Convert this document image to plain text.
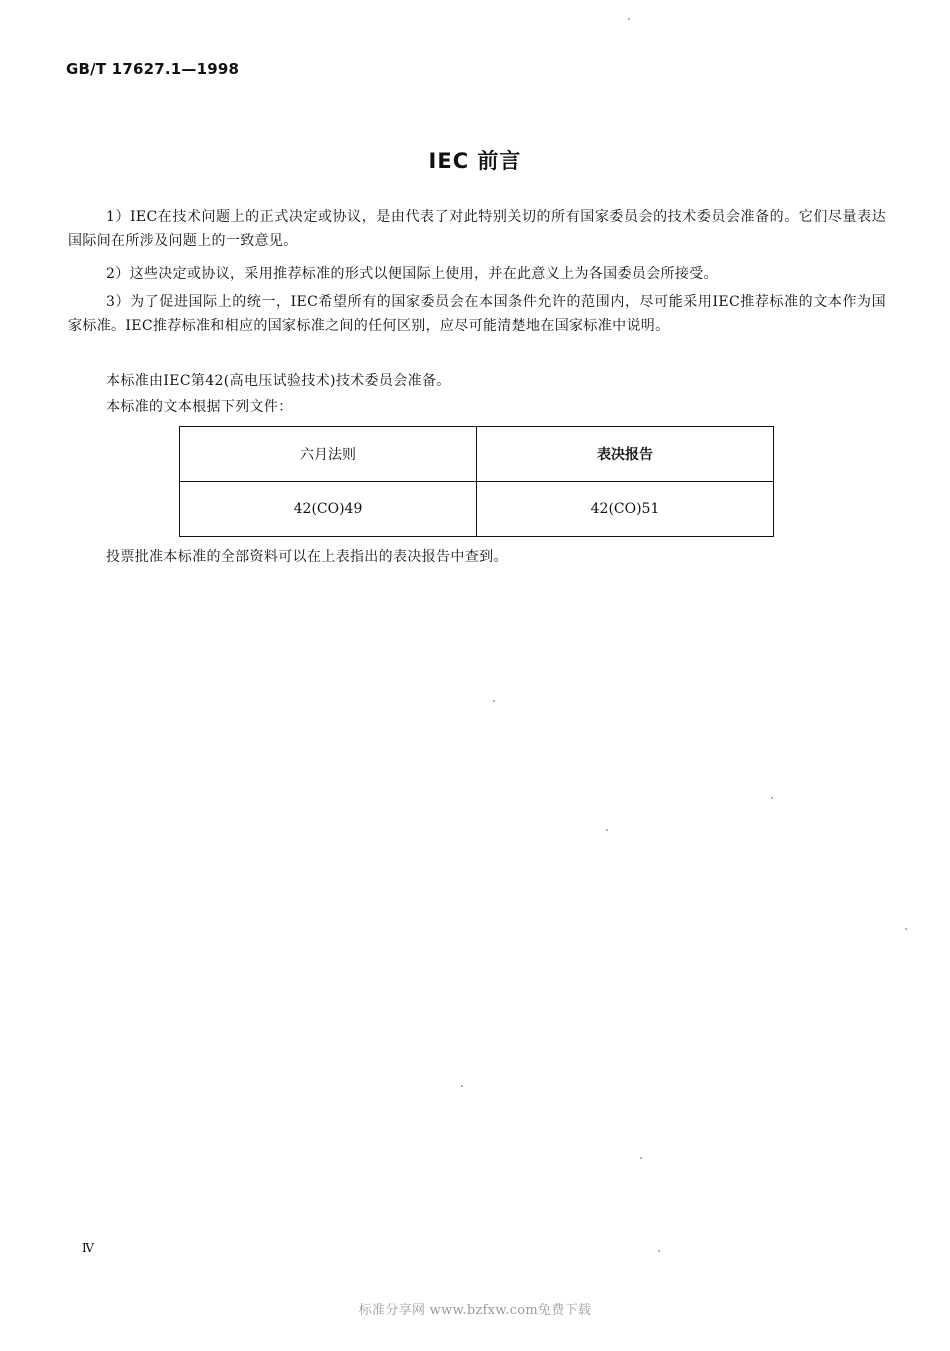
GB/T 17627.1—1998
IEC 前言
1）IEC在技术问题上的正式决定或协议，是由代表了对此特别关切的所有国家委员会的技术委员会准备的。它们尽量表达国际间在所涉及问题上的一致意见。
2）这些决定或协议，采用推荐标准的形式以便国际上使用，并在此意义上为各国委员会所接受。
3）为了促进国际上的统一，IEC希望所有的国家委员会在本国条件允许的范围内，尽可能采用IEC推荐标准的文本作为国家标准。IEC推荐标准和相应的国家标准之间的任何区别，应尽可能清楚地在国家标准中说明。
本标准由IEC第42(高电压试验技术)技术委员会准备。
本标准的文本根据下列文件：
六月法则	表决报告
42(CO)49	42(CO)51
投票批准本标准的全部资料可以在上表指出的表决报告中查到。
Ⅳ
标准分享网 www.bzfxw.com免费下载
